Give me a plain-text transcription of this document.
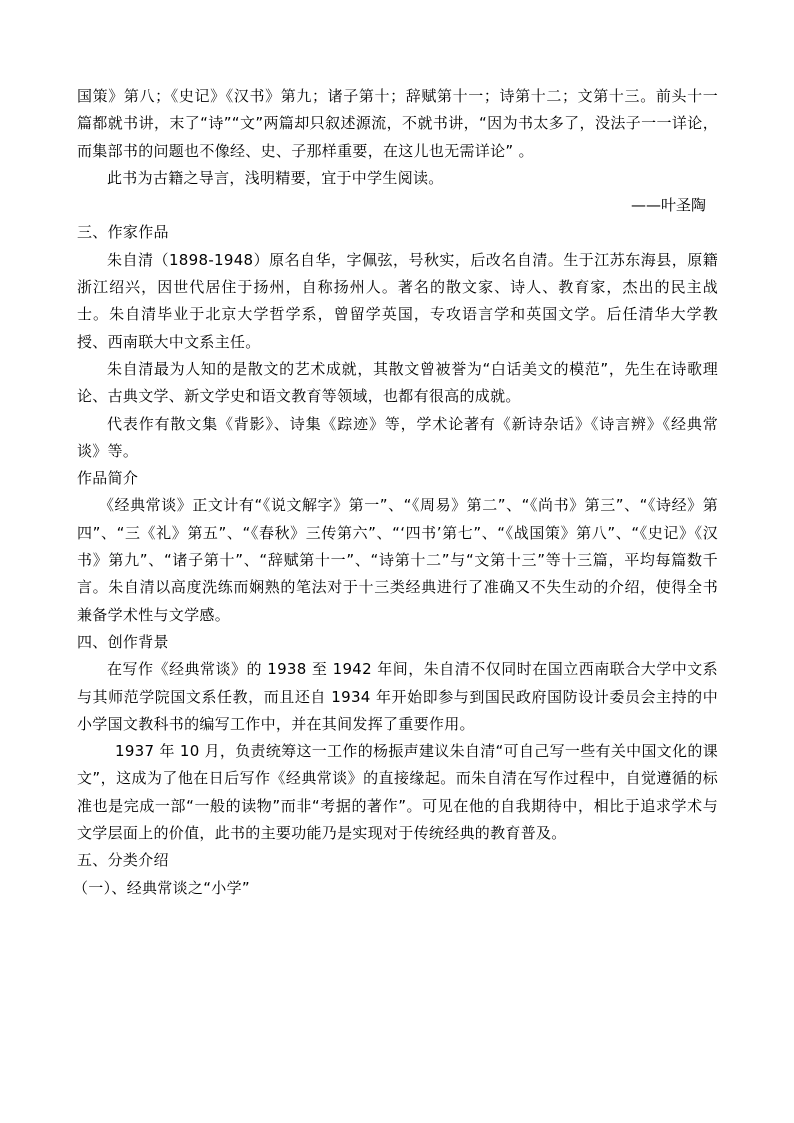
国策》第八；《史记》《汉书》第九；诸子第十；辞赋第十一；诗第十二；文第十三。前头十一篇都就书讲，末了“诗”“文”两篇却只叙述源流，不就书讲，“因为书太多了，没法子一一详论，而集部书的问题也不像经、史、子那样重要，在这儿也无需详论” 。

此书为古籍之导言，浅明精要，宜于中学生阅读。

——叶圣陶

三、作家作品

朱自清（1898-1948）原名自华，字佩弦，号秋实，后改名自清。生于江苏东海县，原籍浙江绍兴，因世代居住于扬州，自称扬州人。著名的散文家、诗人、教育家，杰出的民主战士。朱自清毕业于北京大学哲学系，曾留学英国，专攻语言学和英国文学。后任清华大学教授、西南联大中文系主任。

朱自清最为人知的是散文的艺术成就，其散文曾被誉为“白话美文的模范”，先生在诗歌理论、古典文学、新文学史和语文教育等领域，也都有很高的成就。

代表作有散文集《背影》、诗集《踪迹》等，学术论著有《新诗杂话》《诗言辨》《经典常谈》等。

作品简介

《经典常谈》正文计有“《说文解字》第一”、“《周易》第二”、“《尚书》第三”、“《诗经》第四”、“三《礼》第五”、“《春秋》三传第六”、“‘四书’第七”、“《战国策》第八”、“《史记》《汉书》第九”、“诸子第十”、“辞赋第十一”、“诗第十二”与“文第十三”等十三篇，平均每篇数千言。朱自清以高度洗练而娴熟的笔法对于十三类经典进行了准确又不失生动的介绍，使得全书兼备学术性与文学感。

四、创作背景

在写作《经典常谈》的 1938 至 1942 年间，朱自清不仅同时在国立西南联合大学中文系与其师范学院国文系任教，而且还自 1934 年开始即参与到国民政府国防设计委员会主持的中小学国文教科书的编写工作中，并在其间发挥了重要作用。

1937 年 10 月，负责统筹这一工作的杨振声建议朱自清“可自己写一些有关中国文化的课文”，这成为了他在日后写作《经典常谈》的直接缘起。而朱自清在写作过程中，自觉遵循的标准也是完成一部“一般的读物”而非“考据的著作”。可见在他的自我期待中，相比于追求学术与文学层面上的价值，此书的主要功能乃是实现对于传统经典的教育普及。

五、分类介绍

（一）、经典常谈之“小学”
